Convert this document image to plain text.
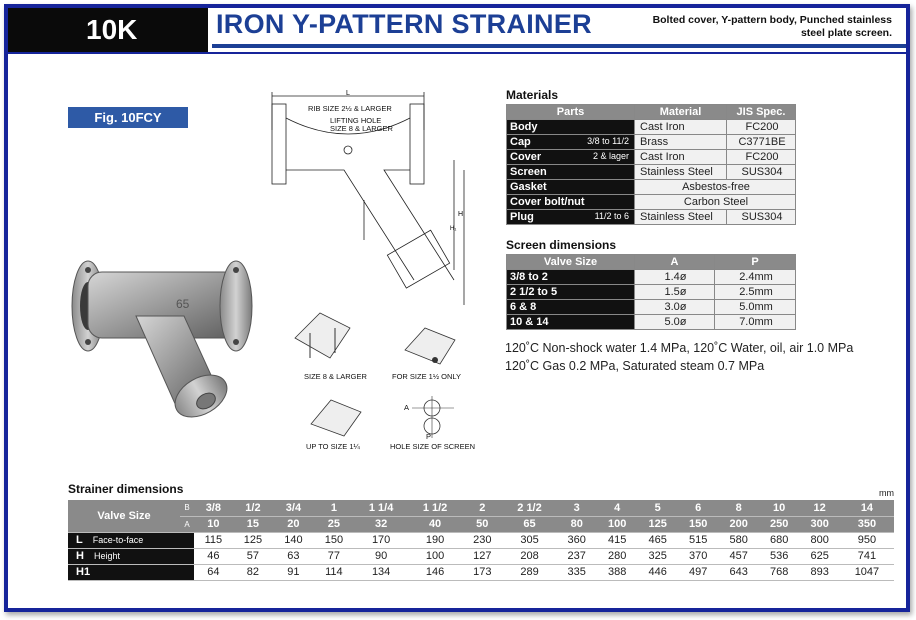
10K	IRON Y-PATTERN STRAINER	Bolted cover, Y-pattern body, Punched stainless
steel plate screen.
Fig. 10FCY
65
L
H
H₁
RIB SIZE 2½ & LARGER
LIFTING HOLE
SIZE 8 & LARGER
SIZE 8 & LARGER	FOR SIZE 1½ ONLY
UP TO SIZE 1¼
A
P
HOLE SIZE OF SCREEN
Materials
Parts	Material	JIS Spec.
Body	Cast Iron	FC200
Cap 3/8 to 11/2	Brass	C3771BE
Cover 2 & lager	Cast Iron	FC200
Screen	Stainless Steel	SUS304
Gasket	Asbestos-free	
Cover bolt/nut	Carbon Steel	
Plug 11/2 to 6	Stainless Steel	SUS304
Screen dimensions
Valve Size	A	P
3/8 to 2	1.4ø	2.4mm
2 1/2 to 5	1.5ø	2.5mm
6 & 8	3.0ø	5.0mm
10 & 14	5.0ø	7.0mm
120˚C Non-shock water 1.4 MPa, 120˚C Water, oil, air 1.0 MPa
120˚C Gas 0.2 MPa, Saturated steam 0.7 MPa
Strainer dimensions	mm
Valve Size	B	3/8	1/2	3/4	1	1 1/4	1 1/2	2	2 1/2	3	4	5	6	8	10	12	14
	A	10	15	20	25	32	40	50	65	80	100	125	150	200	250	300	350
L Face-to-face		115	125	140	150	170	190	230	305	360	415	465	515	580	680	800	950
H Height		46	57	63	77	90	100	127	208	237	280	325	370	457	536	625	741
H1		64	82	91	114	134	146	173	289	335	388	446	497	643	768	893	1047
